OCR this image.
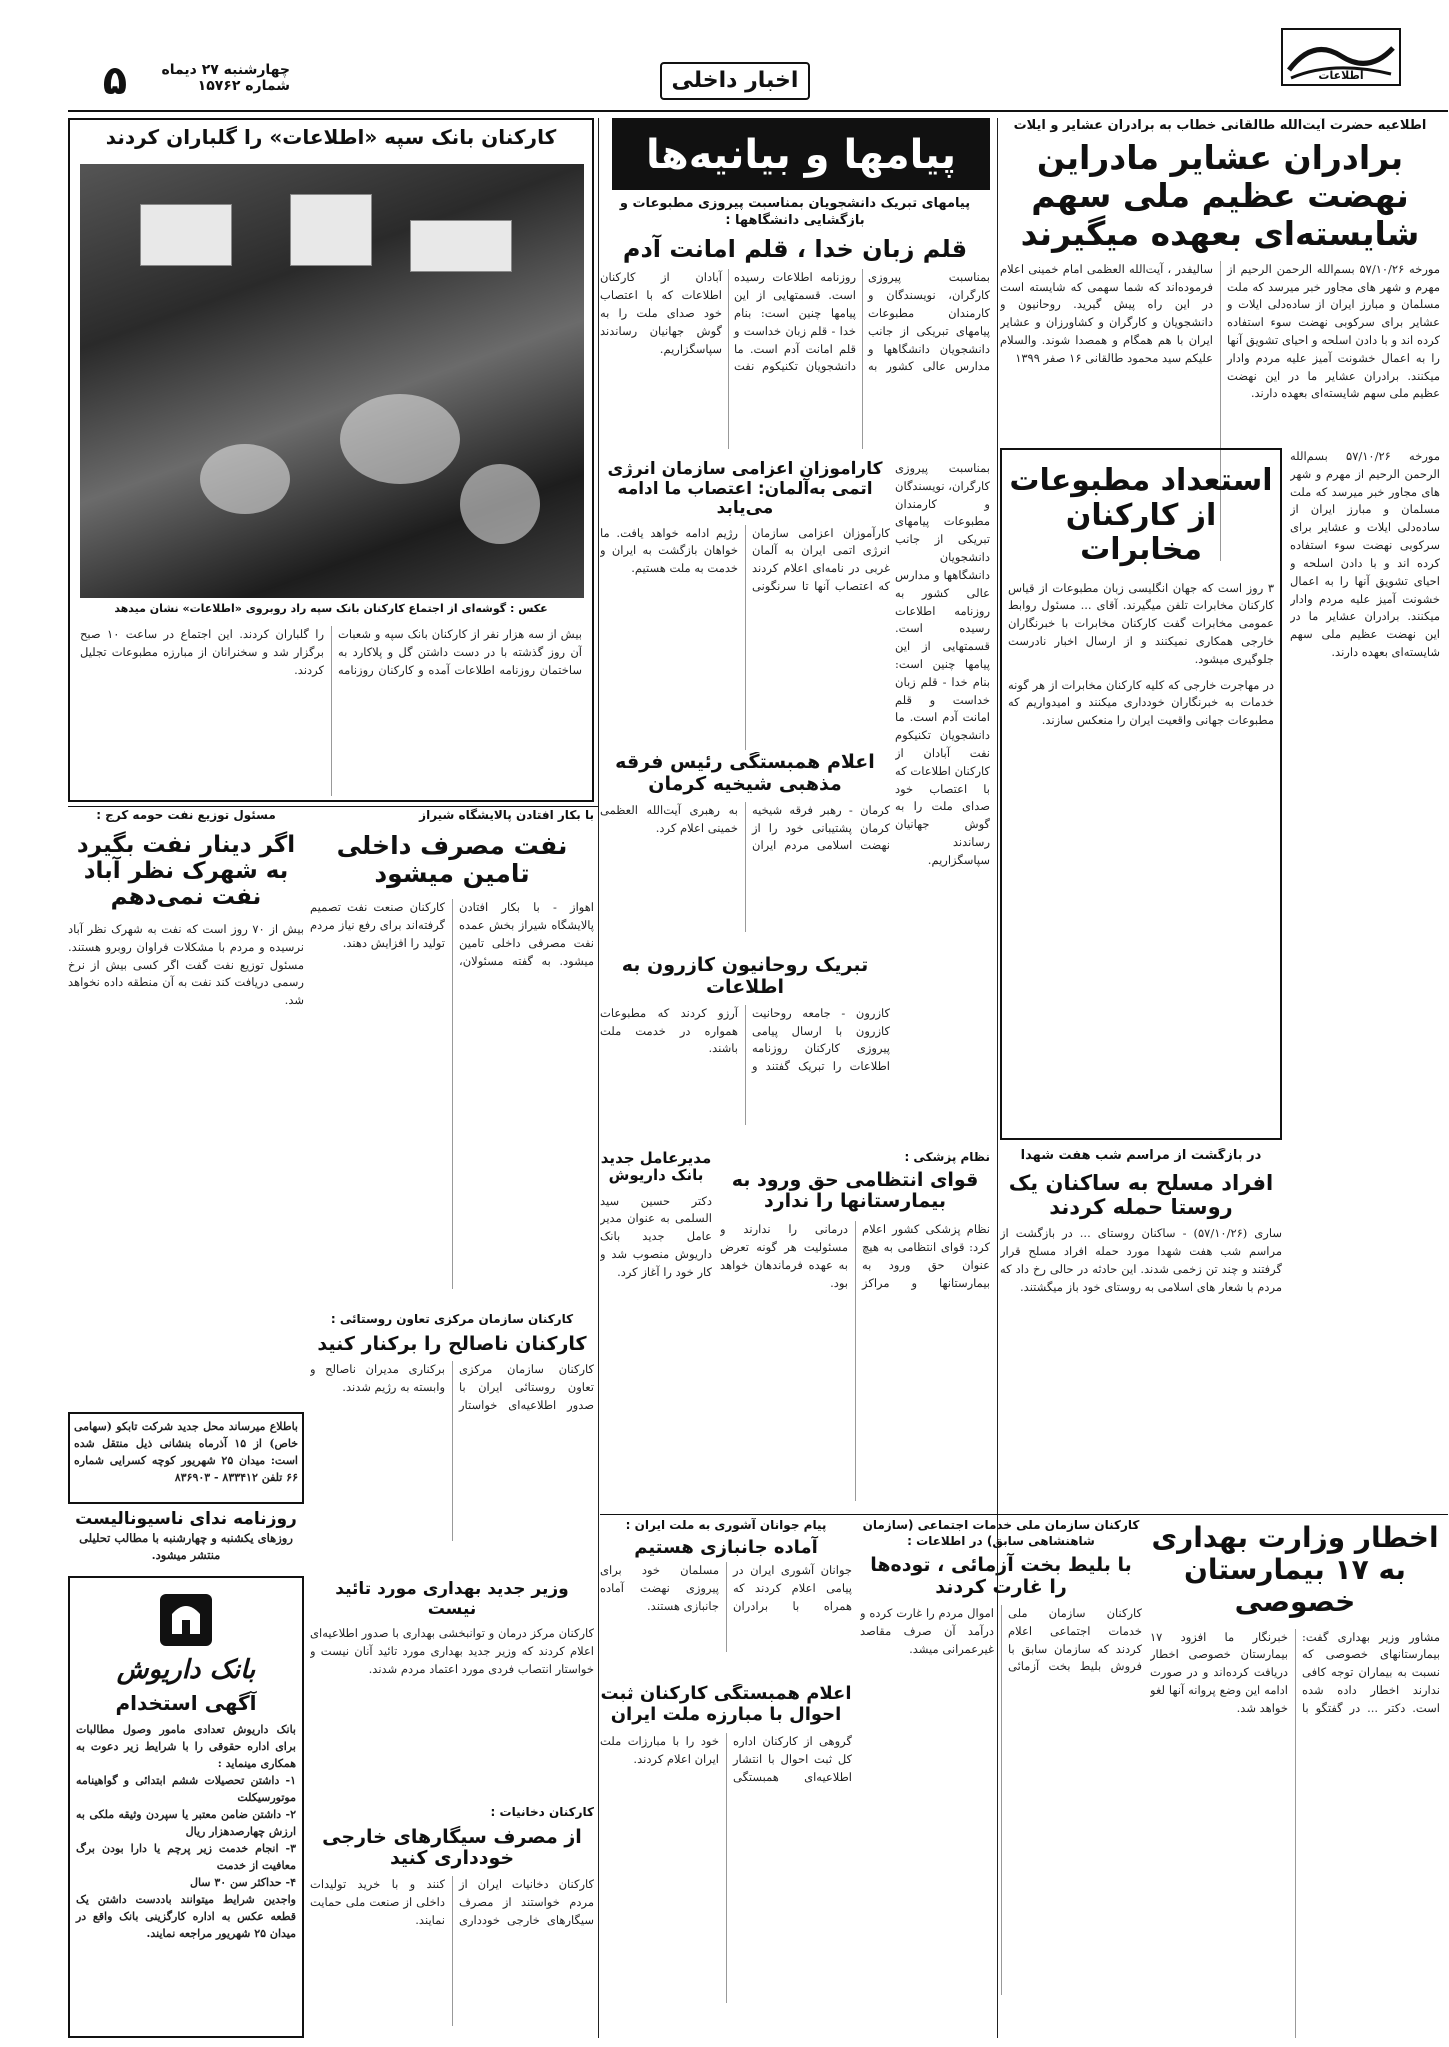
اطلاعات
اخبار داخلی
چهارشنبه ۲۷ دیماه
شماره ۱۵۷۶۲
۵
اطلاعیه حضرت آیت‌الله طالقانی خطاب به برادران عشایر و ایلات
برادران عشایر مادراین نهضت عظیم ملی سهم شایسته‌ای بعهده میگیرند

مورخه ۵۷/۱۰/۲۶ بسم‌الله الرحمن الرحیم از مهرم و شهر های مجاور خبر میرسد که ملت مسلمان و مبارز ایران از ساده‌دلی ایلات و عشایر برای سرکوبی نهضت سوء استفاده کرده اند و با دادن اسلحه و احیای تشویق آنها را به اعمال خشونت آمیز علیه مردم وادار میکنند. برادران عشایر ما در این نهضت عظیم ملی سهم شایسته‌ای بعهده دارند.

سالیفدر ، آیت‌الله العظمی امام خمینی اعلام فرموده‌اند که شما سهمی که شایسته است در این راه پیش گیرید. روحانیون و دانشجویان و کارگران و کشاورزان و عشایر ایران با هم همگام و همصدا شوند. والسلام علیکم سید محمود طالقانی ۱۶ صفر ۱۳۹۹

استعداد مطبوعات از کارکنان مخابرات
۳ روز است که جهان انگلیسی زبان مطبوعات از قیاس کارکنان مخابرات تلفن میگیرند. آقای ... مسئول روابط عمومی مخابرات گفت کارکنان مخابرات با خبرنگاران خارجی همکاری نمیکنند و از ارسال اخبار نادرست جلوگیری میشود.
در مهاجرت خارجی که کلیه کارکنان مخابرات از هر گونه خدمات به خبرنگاران خودداری میکنند و امیدواریم که مطبوعات جهانی واقعیت ایران را منعکس سازند.

مورخه ۵۷/۱۰/۲۶ بسم‌الله الرحمن الرحیم از مهرم و شهر های مجاور خبر میرسد که ملت مسلمان و مبارز ایران از ساده‌دلی ایلات و عشایر برای سرکوبی نهضت سوء استفاده کرده اند و با دادن اسلحه و احیای تشویق آنها را به اعمال خشونت آمیز علیه مردم وادار میکنند. برادران عشایر ما در این نهضت عظیم ملی سهم شایسته‌ای بعهده دارند.

در بازگشت از مراسم شب هفت شهدا
افراد مسلح به ساکنان یک روستا حمله کردند
ساری (۵۷/۱۰/۲۶) - ساکنان روستای ... در بازگشت از مراسم شب هفت شهدا مورد حمله افراد مسلح قرار گرفتند و چند تن زخمی شدند. این حادثه در حالی رخ داد که مردم با شعار های اسلامی به روستای خود باز میگشتند.
اخطار وزارت بهداری به ۱۷ بیمارستان خصوصی
مشاور وزیر بهداری گفت: بیمارستانهای خصوصی که نسبت به بیماران توجه کافی ندارند اخطار داده شده است. دکتر ... در گفتگو با خبرنگار ما افزود ۱۷ بیمارستان خصوصی اخطار دریافت کرده‌اند و در صورت ادامه این وضع پروانه آنها لغو خواهد شد.
پیامها و بیانیه‌ها
پیامهای تبریک دانشجویان بمناسبت پیروزی مطبوعات و بازگشایی دانشگاهها :
قلم زبان خدا ، قلم امانت آدم
بمناسبت پیروزی کارگران، نویسندگان و کارمندان مطبوعات پیامهای تبریکی از جانب دانشجویان دانشگاهها و مدارس عالی کشور به روزنامه اطلاعات رسیده است. قسمتهایی از این پیامها چنین است: بنام خدا - قلم زبان خداست و قلم امانت آدم است. ما دانشجویان تکنیکوم نفت آبادان از کارکنان اطلاعات که با اعتصاب خود صدای ملت را به گوش جهانیان رساندند سپاسگزاریم.
کارآموزان اعزامی سازمان انرژی اتمی به‌آلمان: اعتصاب ما ادامه می‌یابد
کارآموزان اعزامی سازمان انرژی اتمی ایران به آلمان غربی در نامه‌ای اعلام کردند که اعتصاب آنها تا سرنگونی رژیم ادامه خواهد یافت. ما خواهان بازگشت به ایران و خدمت به ملت هستیم.

بمناسبت پیروزی کارگران، نویسندگان و کارمندان مطبوعات پیامهای تبریکی از جانب دانشجویان دانشگاهها و مدارس عالی کشور به روزنامه اطلاعات رسیده است. قسمتهایی از این پیامها چنین است: بنام خدا - قلم زبان خداست و قلم امانت آدم است. ما دانشجویان تکنیکوم نفت آبادان از کارکنان اطلاعات که با اعتصاب خود صدای ملت را به گوش جهانیان رساندند سپاسگزاریم.

اعلام همبستگی رئیس فرقه مذهبی شیخیه کرمان
کرمان - رهبر فرقه شیخیه کرمان پشتیبانی خود را از نهضت اسلامی مردم ایران به رهبری آیت‌الله العظمی خمینی اعلام کرد.
تبریک روحانیون کازرون به اطلاعات
کازرون - جامعه روحانیت کازرون با ارسال پیامی پیروزی کارکنان روزنامه اطلاعات را تبریک گفتند و آرزو کردند که مطبوعات همواره در خدمت ملت باشند.
نظام پزشکی :
قوای انتظامی حق ورود به بیمارستانها را ندارد
نظام پزشکی کشور اعلام کرد: قوای انتظامی به هیچ عنوان حق ورود به بیمارستانها و مراکز درمانی را ندارند و مسئولیت هر گونه تعرض به عهده فرماندهان خواهد بود.
مدیرعامل جدید بانک داریوش
دکتر حسین سید السلمی به عنوان مدیر عامل جدید بانک داریوش منصوب شد و کار خود را آغاز کرد.
کارکنان بانک سپه «اطلاعات» را گلباران کردند
عکس : گوشه‌ای از اجتماع کارکنان بانک سپه راد روبروی «اطلاعات» نشان میدهد
بیش از سه هزار نفر از کارکنان بانک سپه و شعبات آن روز گذشته با در دست داشتن گل و پلاکارد به ساختمان روزنامه اطلاعات آمده و کارکنان روزنامه را گلباران کردند. این اجتماع در ساعت ۱۰ صبح برگزار شد و سخنرانان از مبارزه مطبوعات تجلیل کردند.
با بکار افتادن پالایشگاه شیراز
نفت مصرف داخلی تامین میشود
اهواز - با بکار افتادن پالایشگاه شیراز بخش عمده نفت مصرفی داخلی تامین میشود. به گفته مسئولان، کارکنان صنعت نفت تصمیم گرفته‌اند برای رفع نیاز مردم تولید را افزایش دهند.
مسئول توزیع نفت حومه کرج :
اگر دینار نفت بگیرد به شهرک نظر آباد نفت نمی‌دهم
بیش از ۷۰ روز است که نفت به شهرک نظر آباد نرسیده و مردم با مشکلات فراوان روبرو هستند. مسئول توزیع نفت گفت اگر کسی بیش از نرخ رسمی دریافت کند نفت به آن منطقه داده نخواهد شد.
کارکنان سازمان مرکزی تعاون روستائی :
کارکنان ناصالح را برکنار کنید
کارکنان سازمان مرکزی تعاون روستائی ایران با صدور اطلاعیه‌ای خواستار برکناری مدیران ناصالح و وابسته به رژیم شدند.
باطلاع میرساند محل جدید شرکت تابکو (سهامی خاص) از ۱۵ آذرماه بنشانی ذیل منتقل شده است: میدان ۲۵ شهریور کوچه کسرایی شماره ۶۶ تلفن ۸۳۳۴۱۲ - ۸۳۶۹۰۳
روزنامه ندای ناسیونالیست
روزهای یکشنبه و چهارشنبه با مطالب تحلیلی منتشر میشود.
وزیر جدید بهداری مورد تائید نیست
کارکنان مرکز درمان و توانبخشی بهداری با صدور اطلاعیه‌ای اعلام کردند که وزیر جدید بهداری مورد تائید آنان نیست و خواستار انتصاب فردی مورد اعتماد مردم شدند.
کارکنان دخانیات :
از مصرف سیگارهای خارجی خودداری کنید
کارکنان دخانیات ایران از مردم خواستند از مصرف سیگارهای خارجی خودداری کنند و با خرید تولیدات داخلی از صنعت ملی حمایت نمایند.
بانک داریوش
آگهی استخدام
بانک داریوش تعدادی مامور وصول مطالبات برای اداره حقوقی را با شرایط زیر دعوت به همکاری مینماید :
۱- داشتن تحصیلات ششم ابتدائی و گواهینامه موتورسیکلت
۲- داشتن ضامن معتبر یا سپردن وثیقه ملکی به ارزش چهارصدهزار ریال
۳- انجام خدمت زیر پرچم یا دارا بودن برگ معافیت از خدمت
۴- حداکثر سن ۳۰ سال
واجدین شرایط میتوانند باددست داشتن یک قطعه عکس به اداره کارگزینی بانک واقع در میدان ۲۵ شهریور مراجعه نمایند.
کارکنان سازمان ملی خدمات اجتماعی (سازمان شاهنشاهی سابق) در اطلاعات :
با بلیط بخت آزمائی ، توده‌ها را غارت کردند
کارکنان سازمان ملی خدمات اجتماعی اعلام کردند که سازمان سابق با فروش بلیط بخت آزمائی اموال مردم را غارت کرده و درآمد آن صرف مقاصد غیرعمرانی میشد.
پیام جوانان آشوری به ملت ایران :
آماده جانبازی هستیم
جوانان آشوری ایران در پیامی اعلام کردند که همراه با برادران مسلمان خود برای پیروزی نهضت آماده جانبازی هستند.
اعلام همبستگی کارکنان ثبت احوال با مبارزه ملت ایران
گروهی از کارکنان اداره کل ثبت احوال با انتشار اطلاعیه‌ای همبستگی خود را با مبارزات ملت ایران اعلام کردند.
